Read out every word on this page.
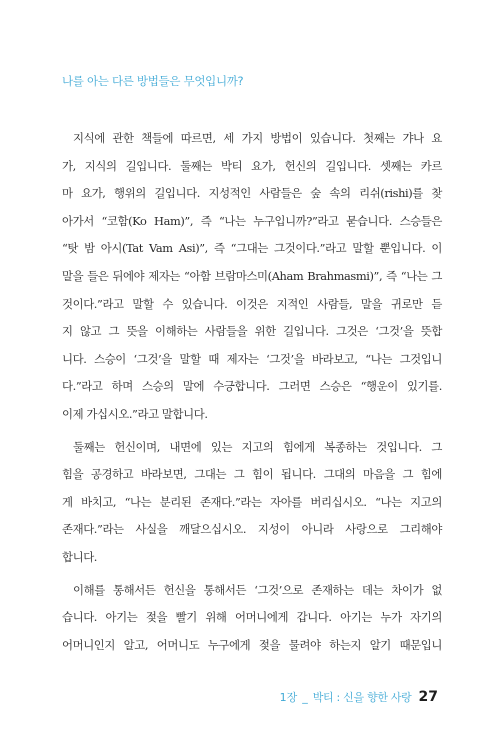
나를 아는 다른 방법들은 무엇입니까?

지식에 관한 책들에 따르면, 세 가지 방법이 있습니다. 첫째는 갸나 요
가, 지식의 길입니다. 둘째는 박티 요가, 헌신의 길입니다. 셋째는 카르
마 요가, 행위의 길입니다. 지성적인 사람들은 숲 속의 리쉬(rishi)를 찾
아가서 “코함(Ko Ham)”, 즉 “나는 누구입니까?”라고 묻습니다. 스승들은
“탓 밤 아시(Tat Vam Asi)”, 즉 “그대는 그것이다.”라고 말할 뿐입니다. 이
말을 들은 뒤에야 제자는 “아함 브람마스미(Aham Brahmasmi)”, 즉 “나는 그
것이다.”라고 말할 수 있습니다. 이것은 지적인 사람들, 말을 귀로만 듣
지 않고 그 뜻을 이해하는 사람들을 위한 길입니다. 그것은 ‘그것’을 뜻합
니다. 스승이 ‘그것’을 말할 때 제자는 ‘그것’을 바라보고, “나는 그것입니
다.”라고 하며 스승의 말에 수긍합니다. 그러면 스승은 “행운이 있기를.
이제 가십시오.”라고 말합니다.
둘째는 헌신이며, 내면에 있는 지고의 힘에게 복종하는 것입니다. 그
힘을 공경하고 바라보면, 그대는 그 힘이 됩니다. 그대의 마음을 그 힘에
게 바치고, “나는 분리된 존재다.”라는 자아를 버리십시오. “나는 지고의
존재다.”라는 사실을 깨달으십시오. 지성이 아니라 사랑으로 그리해야
합니다.
이해를 통해서든 헌신을 통해서든 ‘그것’으로 존재하는 데는 차이가 없
습니다. 아기는 젖을 빨기 위해 어머니에게 갑니다. 아기는 누가 자기의
어머니인지 알고, 어머니도 누구에게 젖을 물려야 하는지 알기 때문입니
1장 _ 박티 : 신을 향한 사랑 27
